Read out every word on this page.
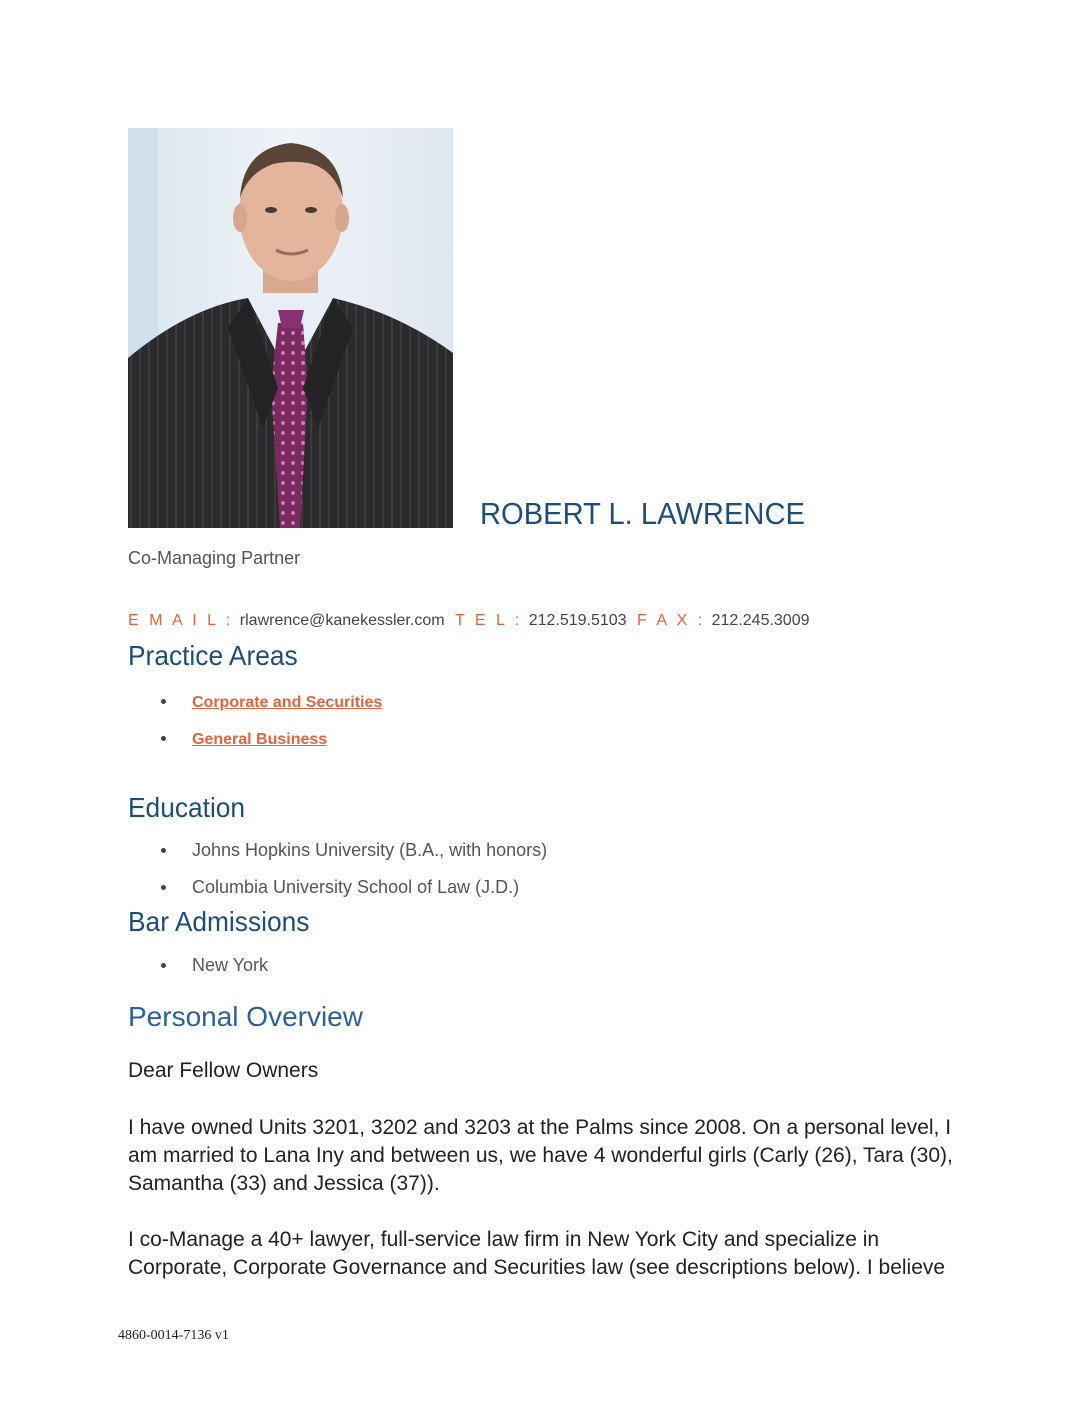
ROBERT L. LAWRENCE
Co-Managing Partner
E M A I L : rlawrence@kanekessler.com T E L : 212.519.5103 F A X : 212.245.3009
Practice Areas
Corporate and Securities
General Business
Education
Johns Hopkins University (B.A., with honors)
Columbia University School of Law (J.D.)
Bar Admissions
New York
Personal Overview
Dear Fellow Owners
I have owned Units 3201, 3202 and 3203 at the Palms since 2008. On a personal level, I am married to Lana Iny and between us, we have 4 wonderful girls (Carly (26), Tara (30), Samantha (33) and Jessica (37)).
I co-Manage a 40+ lawyer, full-service law firm in New York City and specialize in Corporate, Corporate Governance and Securities law (see descriptions below). I believe
4860-0014-7136 v1
